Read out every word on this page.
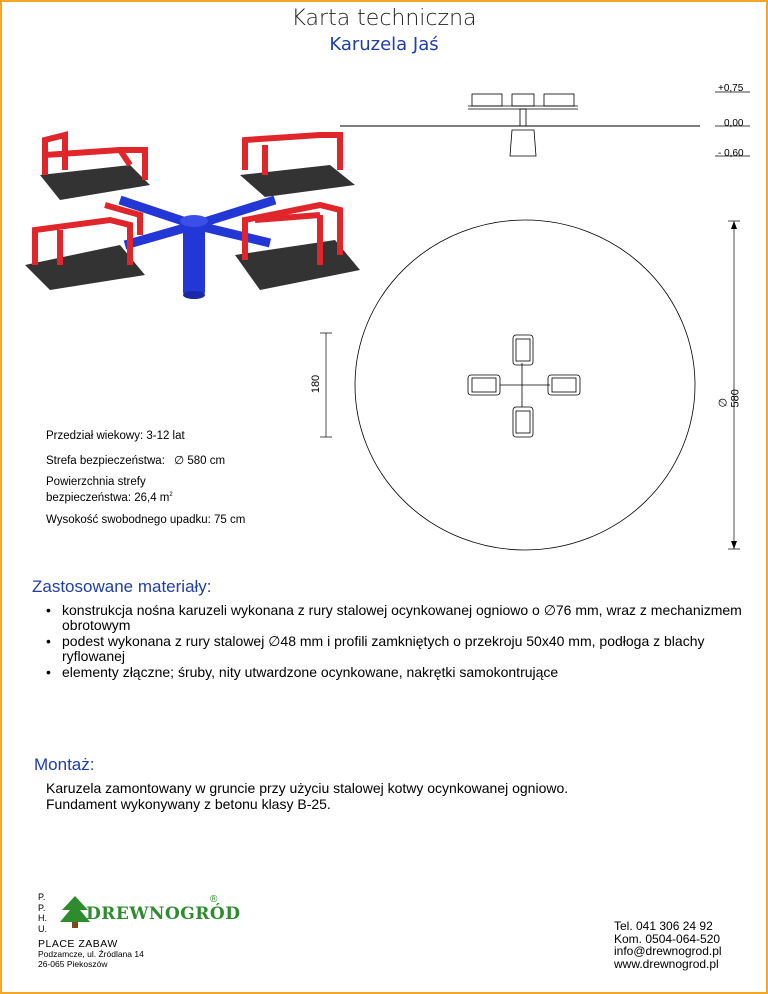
Karta techniczna
Karuzela Jaś
+0,75
0,00
- 0,60
180
∅ 580
Przedział wiekowy: 3-12 lat
Strefa bezpieczeństwa: ∅ 580 cm
Powierzchnia strefy
bezpieczeństwa: 26,4 $m^2$
Wysokość swobodnego upadku: 75 cm
Zastosowane materiały:
• konstrukcja nośna karuzeli wykonana z rury stalowej ocynkowanej ogniowo o ∅76 mm, wraz z mechanizmem obrotowym
• podest wykonana z rury stalowej ∅48 mm i profili zamkniętych o przekroju 50x40 mm, podłoga z blachy ryflowanej
• elementy złączne; śruby, nity utwardzone ocynkowane, nakrętki samokontrujące
Montaż:
Karuzela zamontowany w gruncie przy użyciu stalowej kotwy ocynkowanej ogniowo.
Fundament wykonywany z betonu klasy B-25.
P.
P.
H.
U.
DREWNOGRÓD
®
PLACE ZABAW
Podzamcze, ul. Źródlana 14
26-065 Piekoszów
Tel. 041 306 24 92
Kom. 0504-064-520
info@drewnogrod.pl
www.drewnogrod.pl
